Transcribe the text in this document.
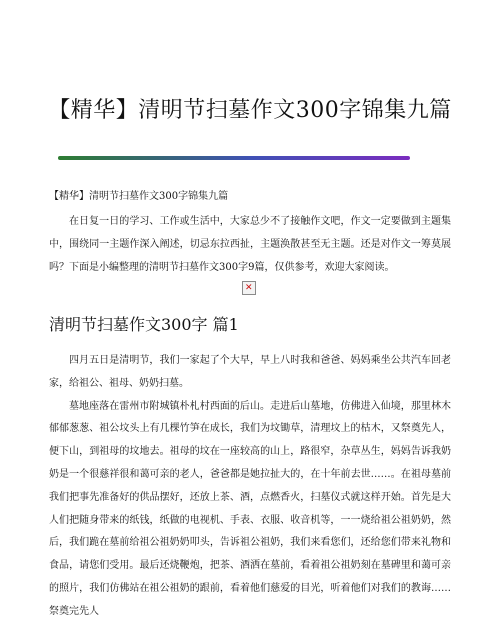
【精华】清明节扫墓作文300字锦集九篇
【精华】清明节扫墓作文300字锦集九篇

在日复一日的学习、工作或生活中，大家总少不了接触作文吧，作文一定要做到主题集中，围绕同一主题作深入阐述，切忌东拉西扯，主题涣散甚至无主题。还是对作文一筹莫展吗？下面是小编整理的清明节扫墓作文300字9篇，仅供参考，欢迎大家阅读。

✕
清明节扫墓作文300字 篇1

四月五日是清明节，我们一家起了个大早，早上八时我和爸爸、妈妈乘坐公共汽车回老家，给祖公、祖母、奶奶扫墓。

墓地座落在雷州市附城镇朴札村西面的后山。走进后山墓地，仿佛进入仙境，那里林木郁郁葱葱、祖公坟头上有几棵竹笋在成长，我们为坟锄草，清理坟上的枯木，又祭奠先人，便下山，到祖母的坟地去。祖母的坟在一座较高的山上，路很窄，杂草丛生，妈妈告诉我奶奶是一个很慈祥很和蔼可亲的老人，爸爸都是她拉扯大的，在十年前去世……。在祖母墓前我们把事先准备好的供品摆好，还放上茶、酒，点燃香火，扫墓仪式就这样开始。首先是大人们把随身带来的纸钱，纸做的电视机、手表、衣服、收音机等，一一烧给祖公祖奶奶，然后，我们跪在墓前给祖公祖奶奶叩头，告诉祖公祖奶，我们来看您们，还给您们带来礼物和食品，请您们受用。最后还烧鞭炮，把茶、酒洒在墓前，看着祖公祖奶刻在墓碑里和蔼可亲的照片，我们仿佛站在祖公祖奶的跟前，看着他们慈爱的目光，听着他们对我们的教诲……祭奠完先人
